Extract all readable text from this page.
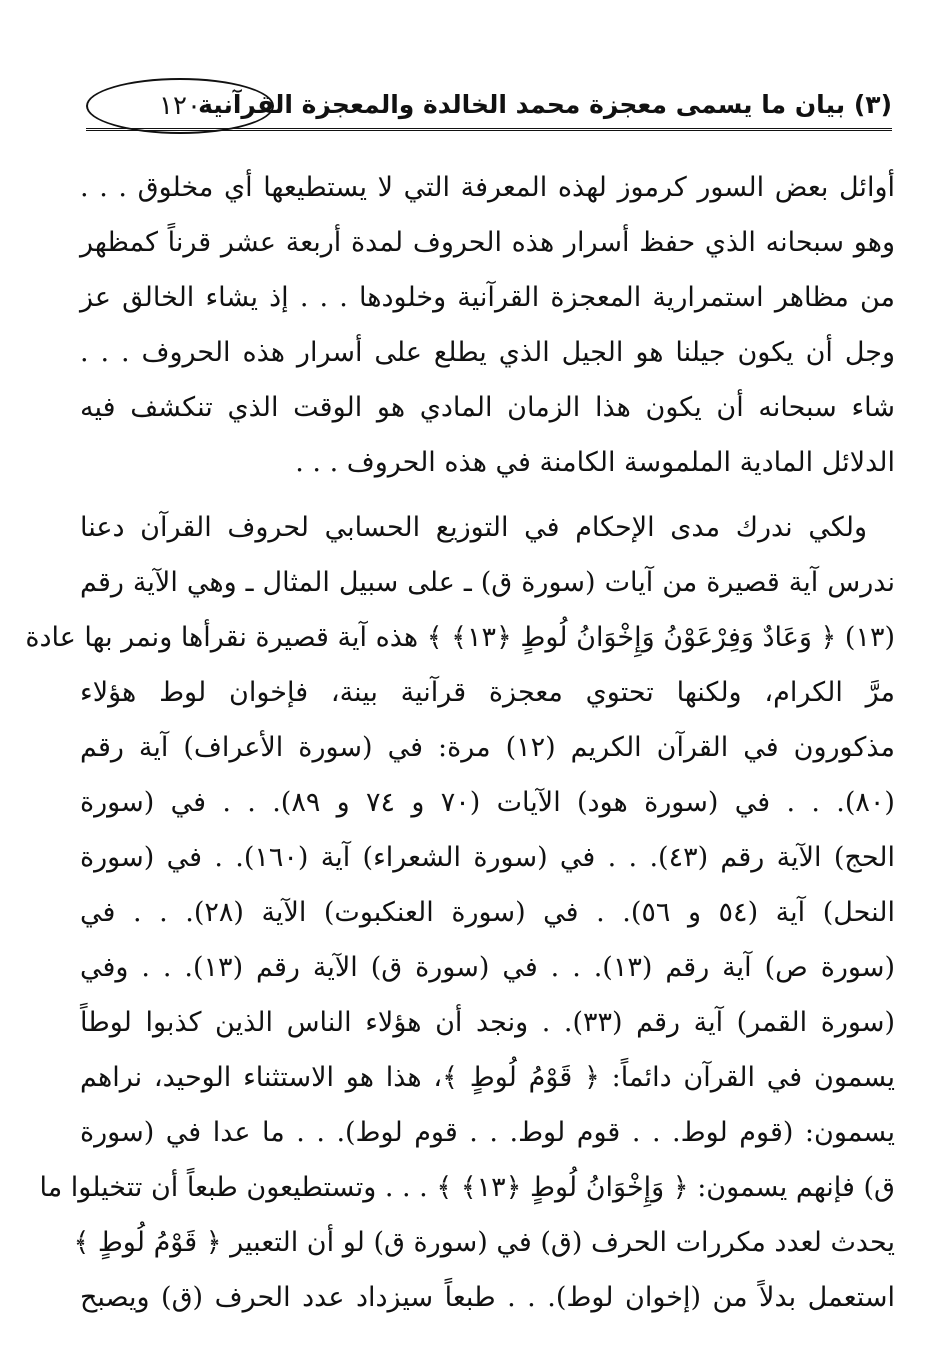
١٢٠
(٣) بيان ما يسمى معجزة محمد الخالدة والمعجزة القرآنية
أوائل بعض السور كرموز لهذه المعرفة التي لا يستطيعها أي مخلوق . . .
وهو سبحانه الذي حفظ أسرار هذه الحروف لمدة أربعة عشر قرناً كمظهر
من مظاهر استمرارية المعجزة القرآنية وخلودها . . . إذ يشاء الخالق عز
وجل أن يكون جيلنا هو الجيل الذي يطلع على أسرار هذه الحروف . . .
شاء سبحانه أن يكون هذا الزمان المادي هو الوقت الذي تنكشف فيه
الدلائل المادية الملموسة الكامنة في هذه الحروف . . .
ولكي ندرك مدى الإحكام في التوزيع الحسابي لحروف القرآن دعنا
ندرس آية قصيرة من آيات (سورة ق) ـ على سبيل المثال ـ وهي الآية رقم
(١٣) ﴿ وَعَادٌ وَفِرْعَوْنُ وَإِخْوَانُ لُوطٍ ﴿١٣﴾ ﴾ هذه آية قصيرة نقرأها ونمر بها عادة
مرَّ الكرام، ولكنها تحتوي معجزة قرآنية بينة، فإخوان لوط هؤلاء
مذكورون في القرآن الكريم (١٢) مرة: في (سورة الأعراف) آية رقم
(٨٠). . . في (سورة هود) الآيات (٧٠ و ٧٤ و ٨٩). . . في (سورة
الحج) الآية رقم (٤٣). . . في (سورة الشعراء) آية (١٦٠). . في (سورة
النحل) آية (٥٤ و ٥٦). . في (سورة العنكبوت) الآية (٢٨). . . في
(سورة ص) آية رقم (١٣). . . في (سورة ق) الآية رقم (١٣). . . وفي
(سورة القمر) آية رقم (٣٣). . ونجد أن هؤلاء الناس الذين كذبوا لوطاً
يسمون في القرآن دائماً: ﴿ قَوْمُ لُوطٍ ﴾، هذا هو الاستثناء الوحيد، نراهم
يسمون: (قوم لوط. . . قوم لوط. . . قوم لوط). . . ما عدا في (سورة
ق) فإنهم يسمون: ﴿ وَإِخْوَانُ لُوطٍ ﴿١٣﴾ ﴾ . . . وتستطيعون طبعاً أن تتخيلوا ما
يحدث لعدد مكررات الحرف (ق) في (سورة ق) لو أن التعبير ﴿ قَوْمُ لُوطٍ ﴾
استعمل بدلاً من (إخوان لوط). . . طبعاً سيزداد عدد الحرف (ق) ويصبح
